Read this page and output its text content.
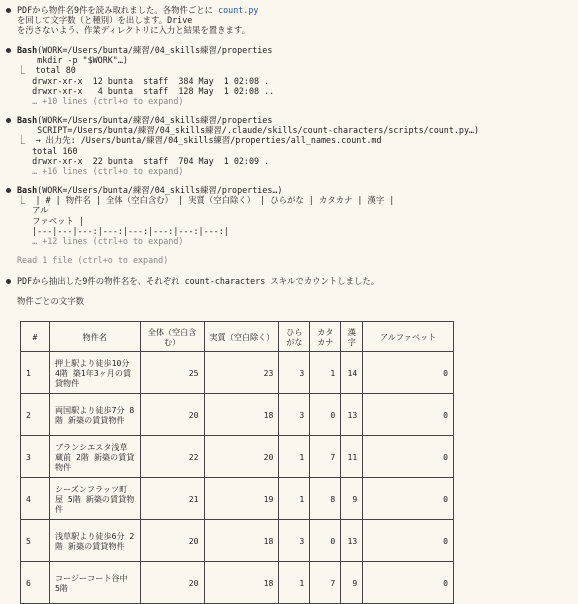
PDFから物件名9件を読み取れました。各物件ごとに count.py
を回して文字数（と種別）を出します。Drive
を汚さないよう、作業ディレクトリに入力と結果を置きます。
Bash(WORK=/Users/bunta/練習/04_skills練習/properties
mkdir -p "$WORK"…)
⎿  total 80
drwxr-xr-x  12 bunta  staff  384 May  1 02:08 .
drwxr-xr-x   4 bunta  staff  128 May  1 02:08 ..
… +10 lines (ctrl+o to expand)
Bash(WORK=/Users/bunta/練習/04_skills練習/properties
SCRIPT=/Users/bunta/練習/04_skills練習/.claude/skills/count-characters/scripts/count.py…)
⎿  → 出力先: /Users/bunta/練習/04_skills練習/properties/all_names.count.md
total 160
drwxr-xr-x  22 bunta  staff  704 May  1 02:09 .
… +16 lines (ctrl+o to expand)
Bash(WORK=/Users/bunta/練習/04_skills練習/properties…)
⎿  | # | 物件名 | 全体（空白含む） | 実質（空白除く） | ひらがな | カタカナ | 漢字 |
アル
ファベット |
|---|---|---:|---:|---:|---:|---:|---:|
… +12 lines (ctrl+o to expand)
Read 1 file (ctrl+o to expand)
PDFから抽出した9件の物件名を、それぞれ count-characters スキルでカウントしました。
物件ごとの文字数
#	物件名	全体（空白含む）	実質（空白除く）	ひらがな	カタカナ	漢字	アルファベット
1	押上駅より徒歩10分 4階 築1年3ヶ月の賃貸物件	25	23	3	1	14	0
2	両国駅より徒歩7分 8階 新築の賃貸物件	20	18	3	0	13	0
3	ブランシエスタ浅草蔵前 2階 新築の賃貸物件	22	20	1	7	11	0
4	シーズンフラッツ町屋 5階 新築の賃貸物件	21	19	1	8	9	0
5	浅草駅より徒歩6分 2階 新築の賃貸物件	20	18	3	0	13	0
6	コージーコート谷中 5階	20	18	1	7	9	0
